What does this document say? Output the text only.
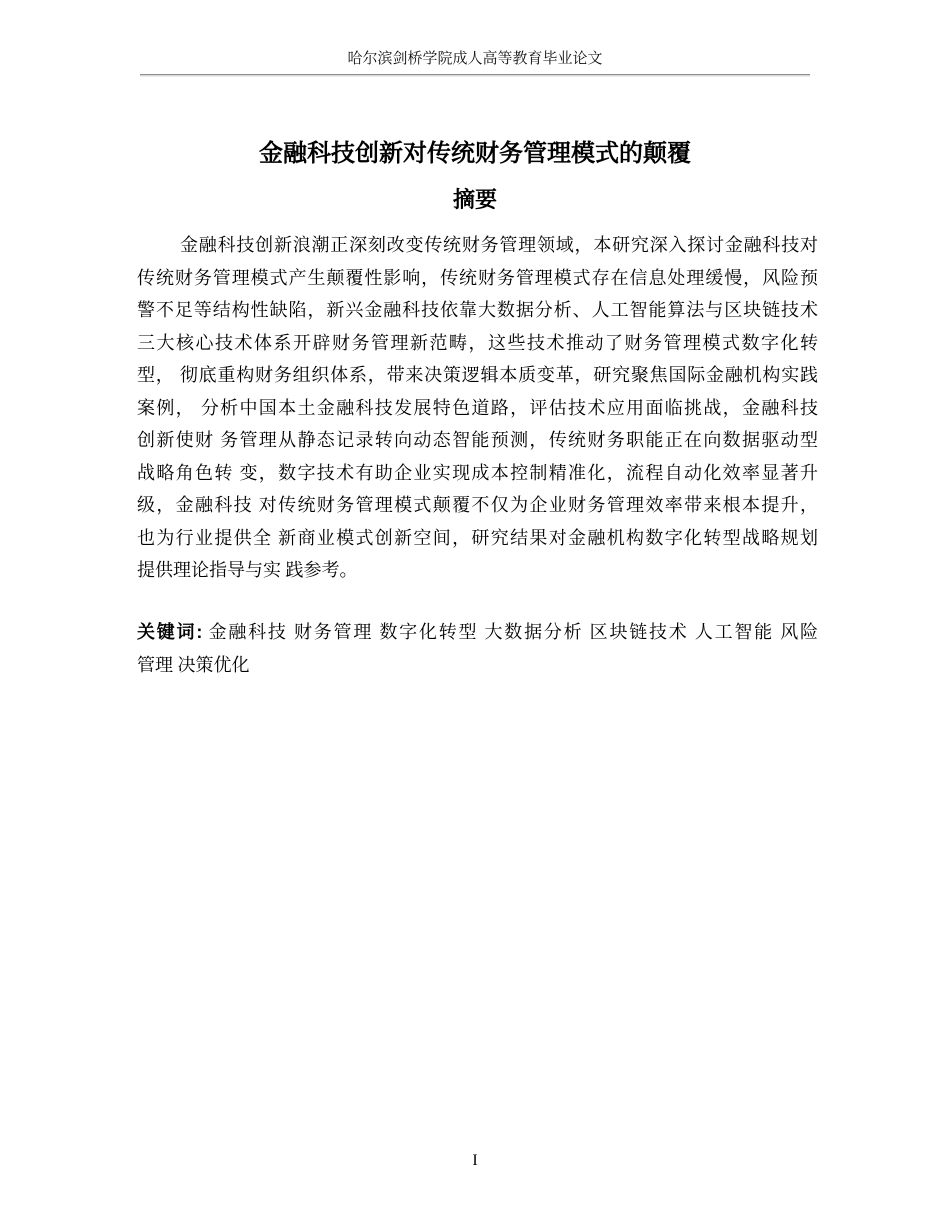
哈尔滨剑桥学院成人高等教育毕业论文
金融科技创新对传统财务管理模式的颠覆
摘要
金融科技创新浪潮正深刻改变传统财务管理领域，本研究深入探讨金融科技对
传统财务管理模式产生颠覆性影响，传统财务管理模式存在信息处理缓慢，风险预
警不足等结构性缺陷，新兴金融科技依靠大数据分析、人工智能算法与区块链技术
三大核心技术体系开辟财务管理新范畴，这些技术推动了财务管理模式数字化转
型， 彻底重构财务组织体系，带来决策逻辑本质变革，研究聚焦国际金融机构实践
案例， 分析中国本土金融科技发展特色道路，评估技术应用面临挑战，金融科技
创新使财 务管理从静态记录转向动态智能预测，传统财务职能正在向数据驱动型
战略角色转 变，数字技术有助企业实现成本控制精准化，流程自动化效率显著升
级，金融科技 对传统财务管理模式颠覆不仅为企业财务管理效率带来根本提升，
也为行业提供全 新商业模式创新空间，研究结果对金融机构数字化转型战略规划
提供理论指导与实 践参考。
关键词: 金融科技 财务管理 数字化转型 大数据分析 区块链技术 人工智能 风险
管理 决策优化
I
